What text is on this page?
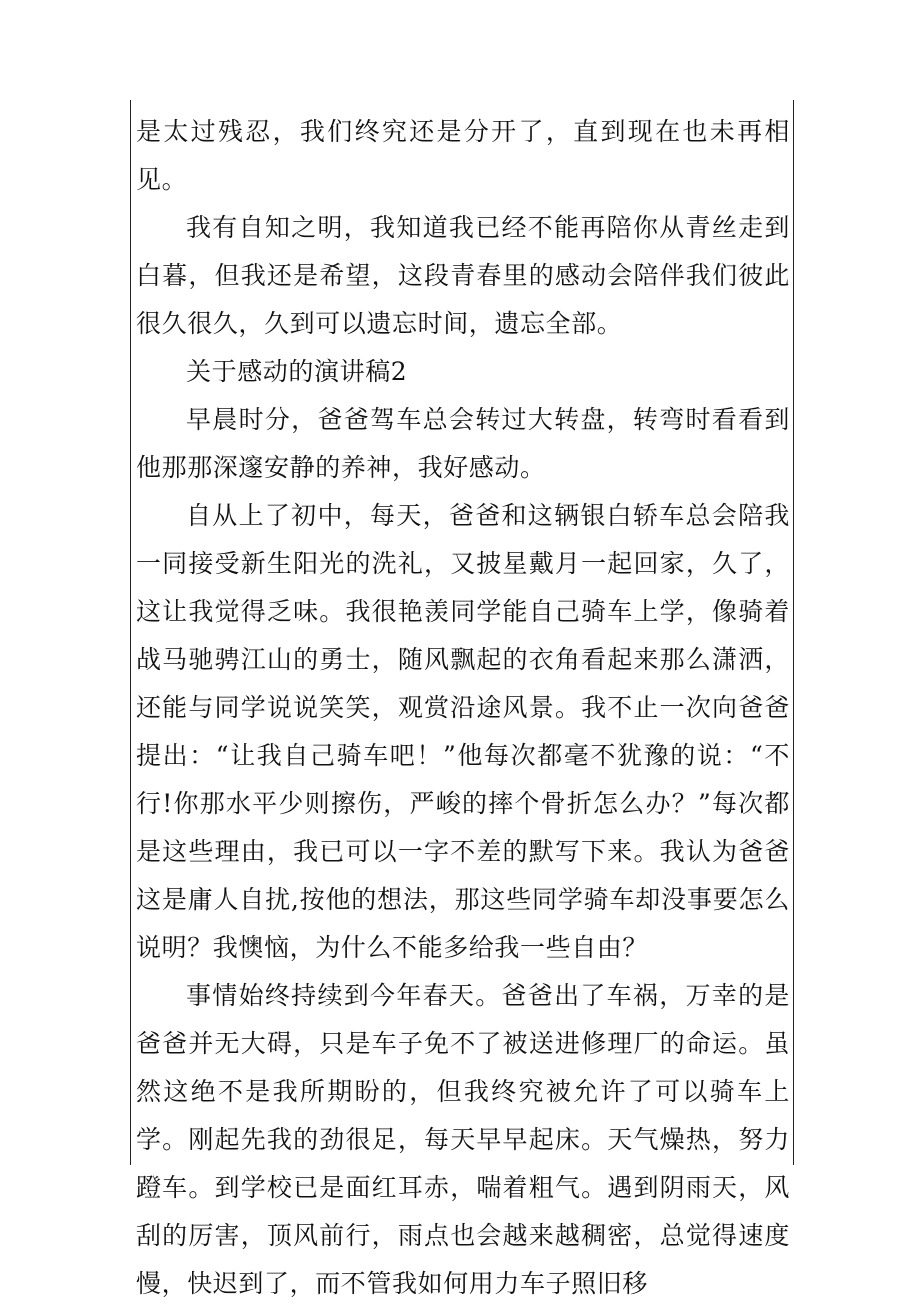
是太过残忍，我们终究还是分开了，直到现在也未再相见。

我有自知之明，我知道我已经不能再陪你从青丝走到白暮，但我还是希望，这段青春里的感动会陪伴我们彼此很久很久，久到可以遗忘时间，遗忘全部。

关于感动的演讲稿2

早晨时分，爸爸驾车总会转过大转盘，转弯时看看到他那那深邃安静的养神，我好感动。

自从上了初中，每天，爸爸和这辆银白轿车总会陪我一同接受新生阳光的洗礼，又披星戴月一起回家，久了，这让我觉得乏味。我很艳羡同学能自己骑车上学，像骑着战马驰骋江山的勇士，随风飘起的衣角看起来那么潇洒，还能与同学说说笑笑，观赏沿途风景。我不止一次向爸爸提出：“让我自己骑车吧！”他每次都毫不犹豫的说：“不行!你那水平少则擦伤，严峻的摔个骨折怎么办？”每次都是这些理由，我已可以一字不差的默写下来。我认为爸爸这是庸人自扰,按他的想法，那这些同学骑车却没事要怎么说明？我懊恼，为什么不能多给我一些自由？

事情始终持续到今年春天。爸爸出了车祸，万幸的是爸爸并无大碍，只是车子免不了被送进修理厂的命运。虽然这绝不是我所期盼的，但我终究被允许了可以骑车上学。刚起先我的劲很足，每天早早起床。天气燥热，努力蹬车。到学校已是面红耳赤，喘着粗气。遇到阴雨天，风刮的厉害，顶风前行，雨点也会越来越稠密，总觉得速度慢，快迟到了，而不管我如何用力车子照旧移
